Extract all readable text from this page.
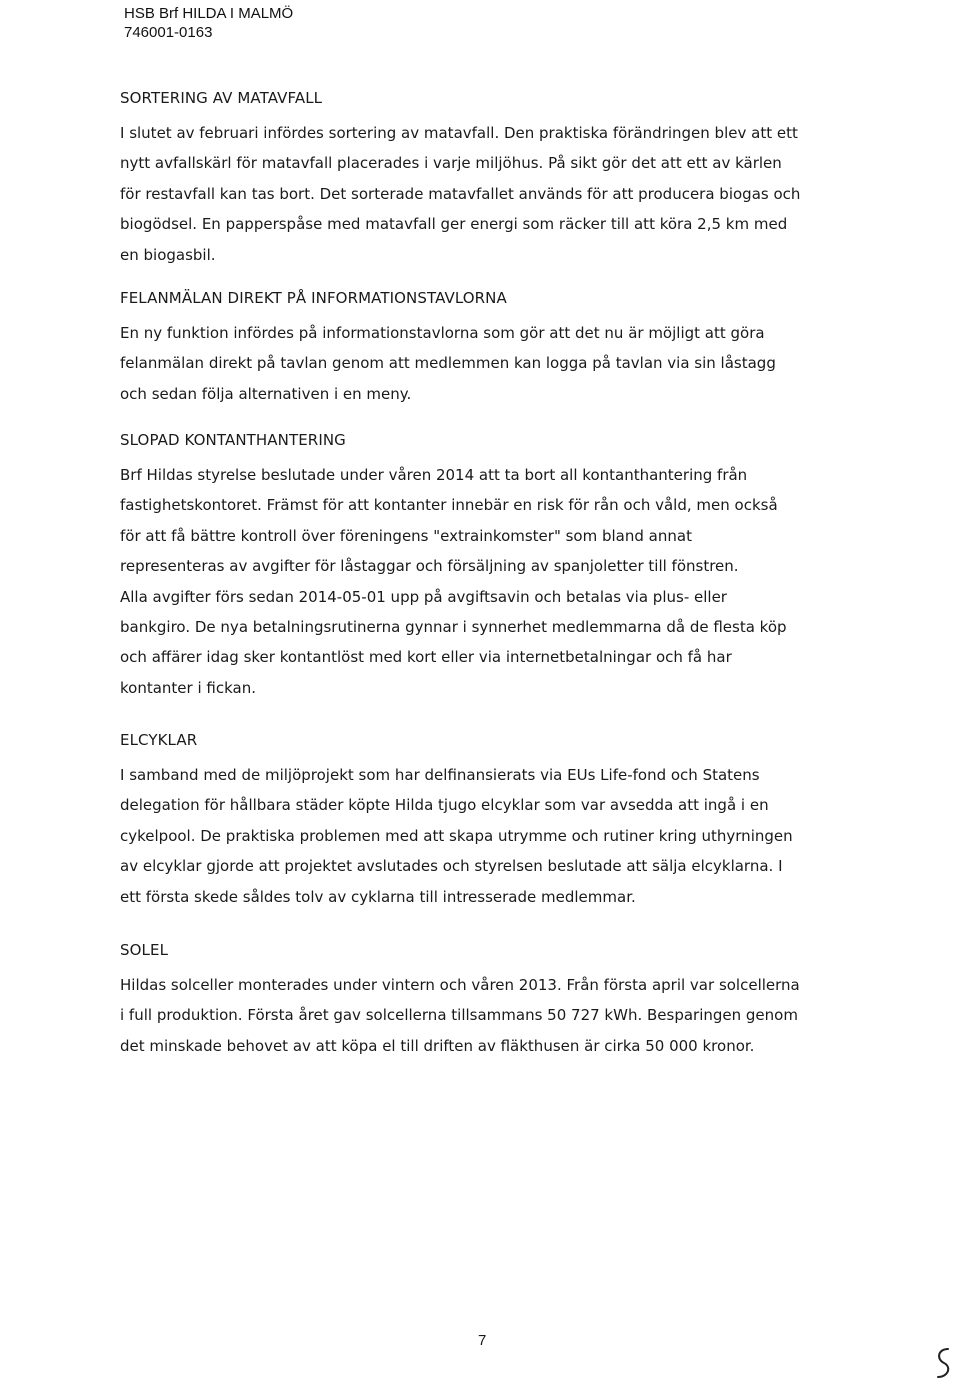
HSB Brf HILDA I MALMÖ
746001-0163
SORTERING AV MATAVFALL

I slutet av februari infördes sortering av matavfall. Den praktiska förändringen blev att ett

nytt avfallskärl för matavfall placerades i varje miljöhus. På sikt gör det att ett av kärlen

för restavfall kan tas bort. Det sorterade matavfallet används för att producera biogas och

biogödsel. En papperspåse med matavfall ger energi som räcker till att köra 2,5 km med

en biogasbil.

FELANMÄLAN DIREKT PÅ INFORMATIONSTAVLORNA

En ny funktion infördes på informationstavlorna som gör att det nu är möjligt att göra

felanmälan direkt på tavlan genom att medlemmen kan logga på tavlan via sin låstagg

och sedan följa alternativen i en meny.

SLOPAD KONTANTHANTERING

Brf Hildas styrelse beslutade under våren 2014 att ta bort all kontanthantering från

fastighetskontoret. Främst för att kontanter innebär en risk för rån och våld, men också

för att få bättre kontroll över föreningens "extrainkomster" som bland annat

representeras av avgifter för låstaggar och försäljning av spanjoletter till fönstren.

Alla avgifter förs sedan 2014-05-01 upp på avgiftsavin och betalas via plus- eller

bankgiro. De nya betalningsrutinerna gynnar i synnerhet medlemmarna då de flesta köp

och affärer idag sker kontantlöst med kort eller via internetbetalningar och få har

kontanter i fickan.

ELCYKLAR

I samband med de miljöprojekt som har delfinansierats via EUs Life-fond och Statens

delegation för hållbara städer köpte Hilda tjugo elcyklar som var avsedda att ingå i en

cykelpool. De praktiska problemen med att skapa utrymme och rutiner kring uthyrningen

av elcyklar gjorde att projektet avslutades och styrelsen beslutade att sälja elcyklarna. I

ett första skede såldes tolv av cyklarna till intresserade medlemmar.

SOLEL

Hildas solceller monterades under vintern och våren 2013. Från första april var solcellerna

i full produktion. Första året gav solcellerna tillsammans 50 727 kWh. Besparingen genom

det minskade behovet av att köpa el till driften av fläkthusen är cirka 50 000 kronor.

7
